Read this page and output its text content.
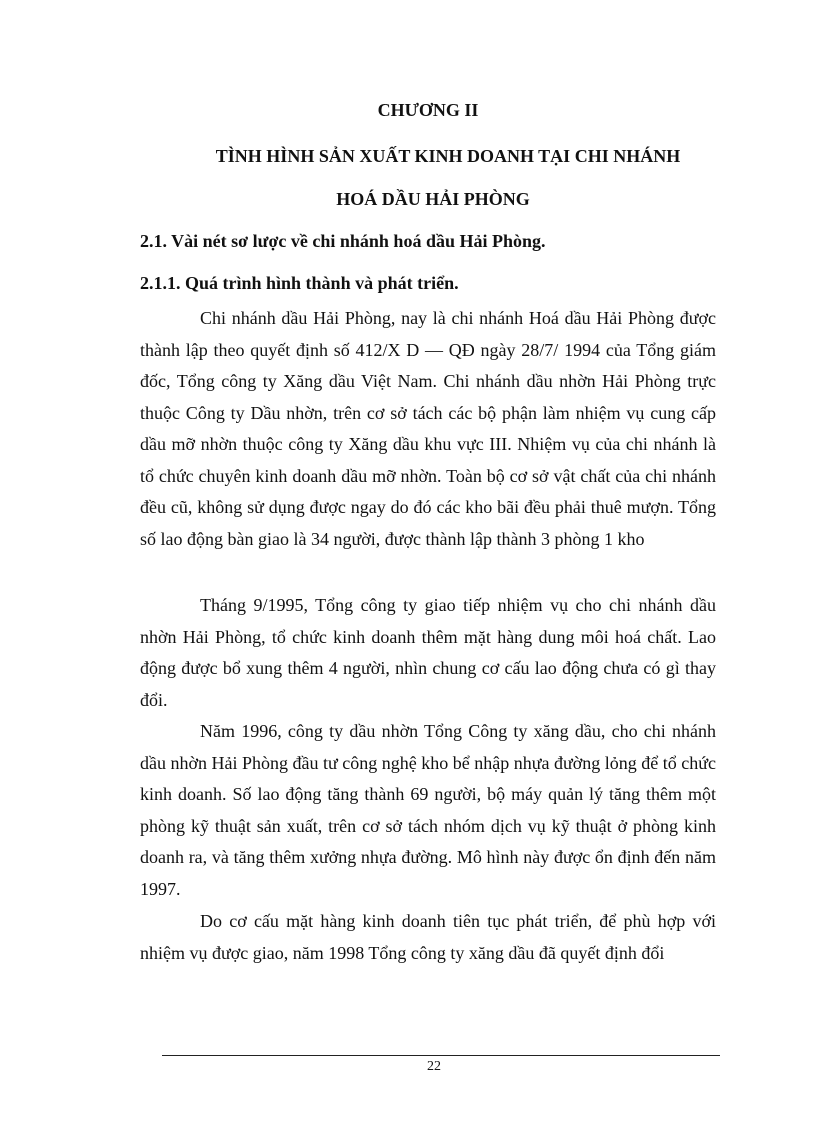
CHƯƠNG II
TÌNH HÌNH SẢN XUẤT KINH DOANH TẠI CHI NHÁNH
HOÁ DẦU HẢI PHÒNG
2.1. Vài nét sơ lược về chi nhánh hoá dầu Hải Phòng.
2.1.1. Quá trình hình thành và phát triển.

Chi nhánh dầu Hải Phòng, nay là chi nhánh Hoá dầu Hải Phòng được thành lập theo quyết định số 412/X D — QĐ ngày 28/7/ 1994 của Tổng giám đốc, Tổng công ty Xăng dầu Việt Nam. Chi nhánh dầu nhờn Hải Phòng trực thuộc Công ty Dầu nhờn, trên cơ sở tách các bộ phận làm nhiệm vụ cung cấp dầu mỡ nhờn thuộc công ty Xăng dầu khu vực III. Nhiệm vụ của chi nhánh là tổ chức chuyên kinh doanh dầu mỡ nhờn. Toàn bộ cơ sở vật chất của chi nhánh đều cũ, không sử dụng được ngay do đó các kho bãi đều phải thuê mượn. Tổng số lao động bàn giao là 34 người, được thành lập thành 3 phòng 1 kho

Tháng 9/1995, Tổng công ty giao tiếp nhiệm vụ cho chi nhánh dầu nhờn Hải Phòng, tổ chức kinh doanh thêm mặt hàng dung môi hoá chất. Lao động được bổ xung thêm 4 người, nhìn chung cơ cấu lao động chưa có gì thay đổi.

Năm 1996, công ty dầu nhờn Tổng Công ty xăng dầu, cho chi nhánh dầu nhờn Hải Phòng đầu tư công nghệ kho bể nhập nhựa đường lỏng để tổ chức kinh doanh. Số lao động tăng thành 69 người, bộ máy quản lý tăng thêm một phòng kỹ thuật sản xuất, trên cơ sở tách nhóm dịch vụ kỹ thuật ở phòng kinh doanh ra, và tăng thêm xưởng nhựa đường. Mô hình này được ổn định đến năm 1997.

Do cơ cấu mặt hàng kinh doanh tiên tục phát triển, để phù hợp với nhiệm vụ được giao, năm 1998 Tổng công ty xăng dầu đã quyết định đổi

22
